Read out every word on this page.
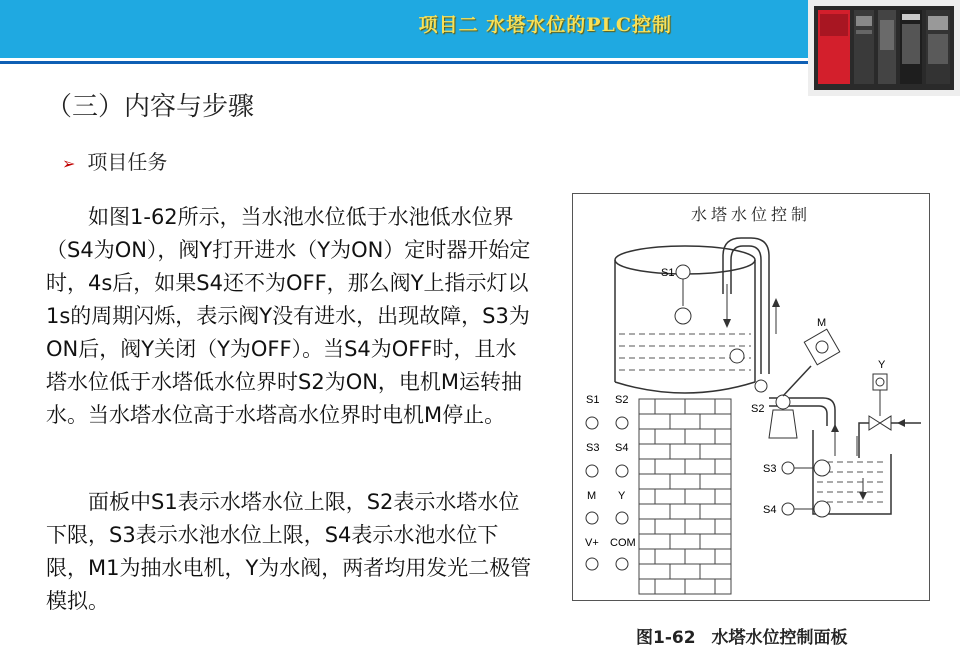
项目二 水塔水位的PLC控制
（三）内容与步骤
➢ 项目任务
　　如图1-62所示，当水池水位低于水池低水位界（S4为ON），阀Y打开进水（Y为ON）定时器开始定时，4s后，如果S4还不为OFF，那么阀Y上指示灯以1s的周期闪烁，表示阀Y没有进水，出现故障，S3为ON后，阀Y关闭（Y为OFF）。当S4为OFF时，且水塔水位低于水塔低水位界时S2为ON，电机M运转抽水。当水塔水位高于水塔高水位界时电机M停止。
　　面板中S1表示水塔水位上限，S2表示水塔水位下限，S3表示水池水位上限，S4表示水池水位下限，M1为抽水电机，Y为水阀，两者均用发光二极管模拟。
水塔水位控制
S1
S2
M
Y
S3
S4
S1 S2
S3 S4
M Y
V+ COM
图1-62 水塔水位控制面板
